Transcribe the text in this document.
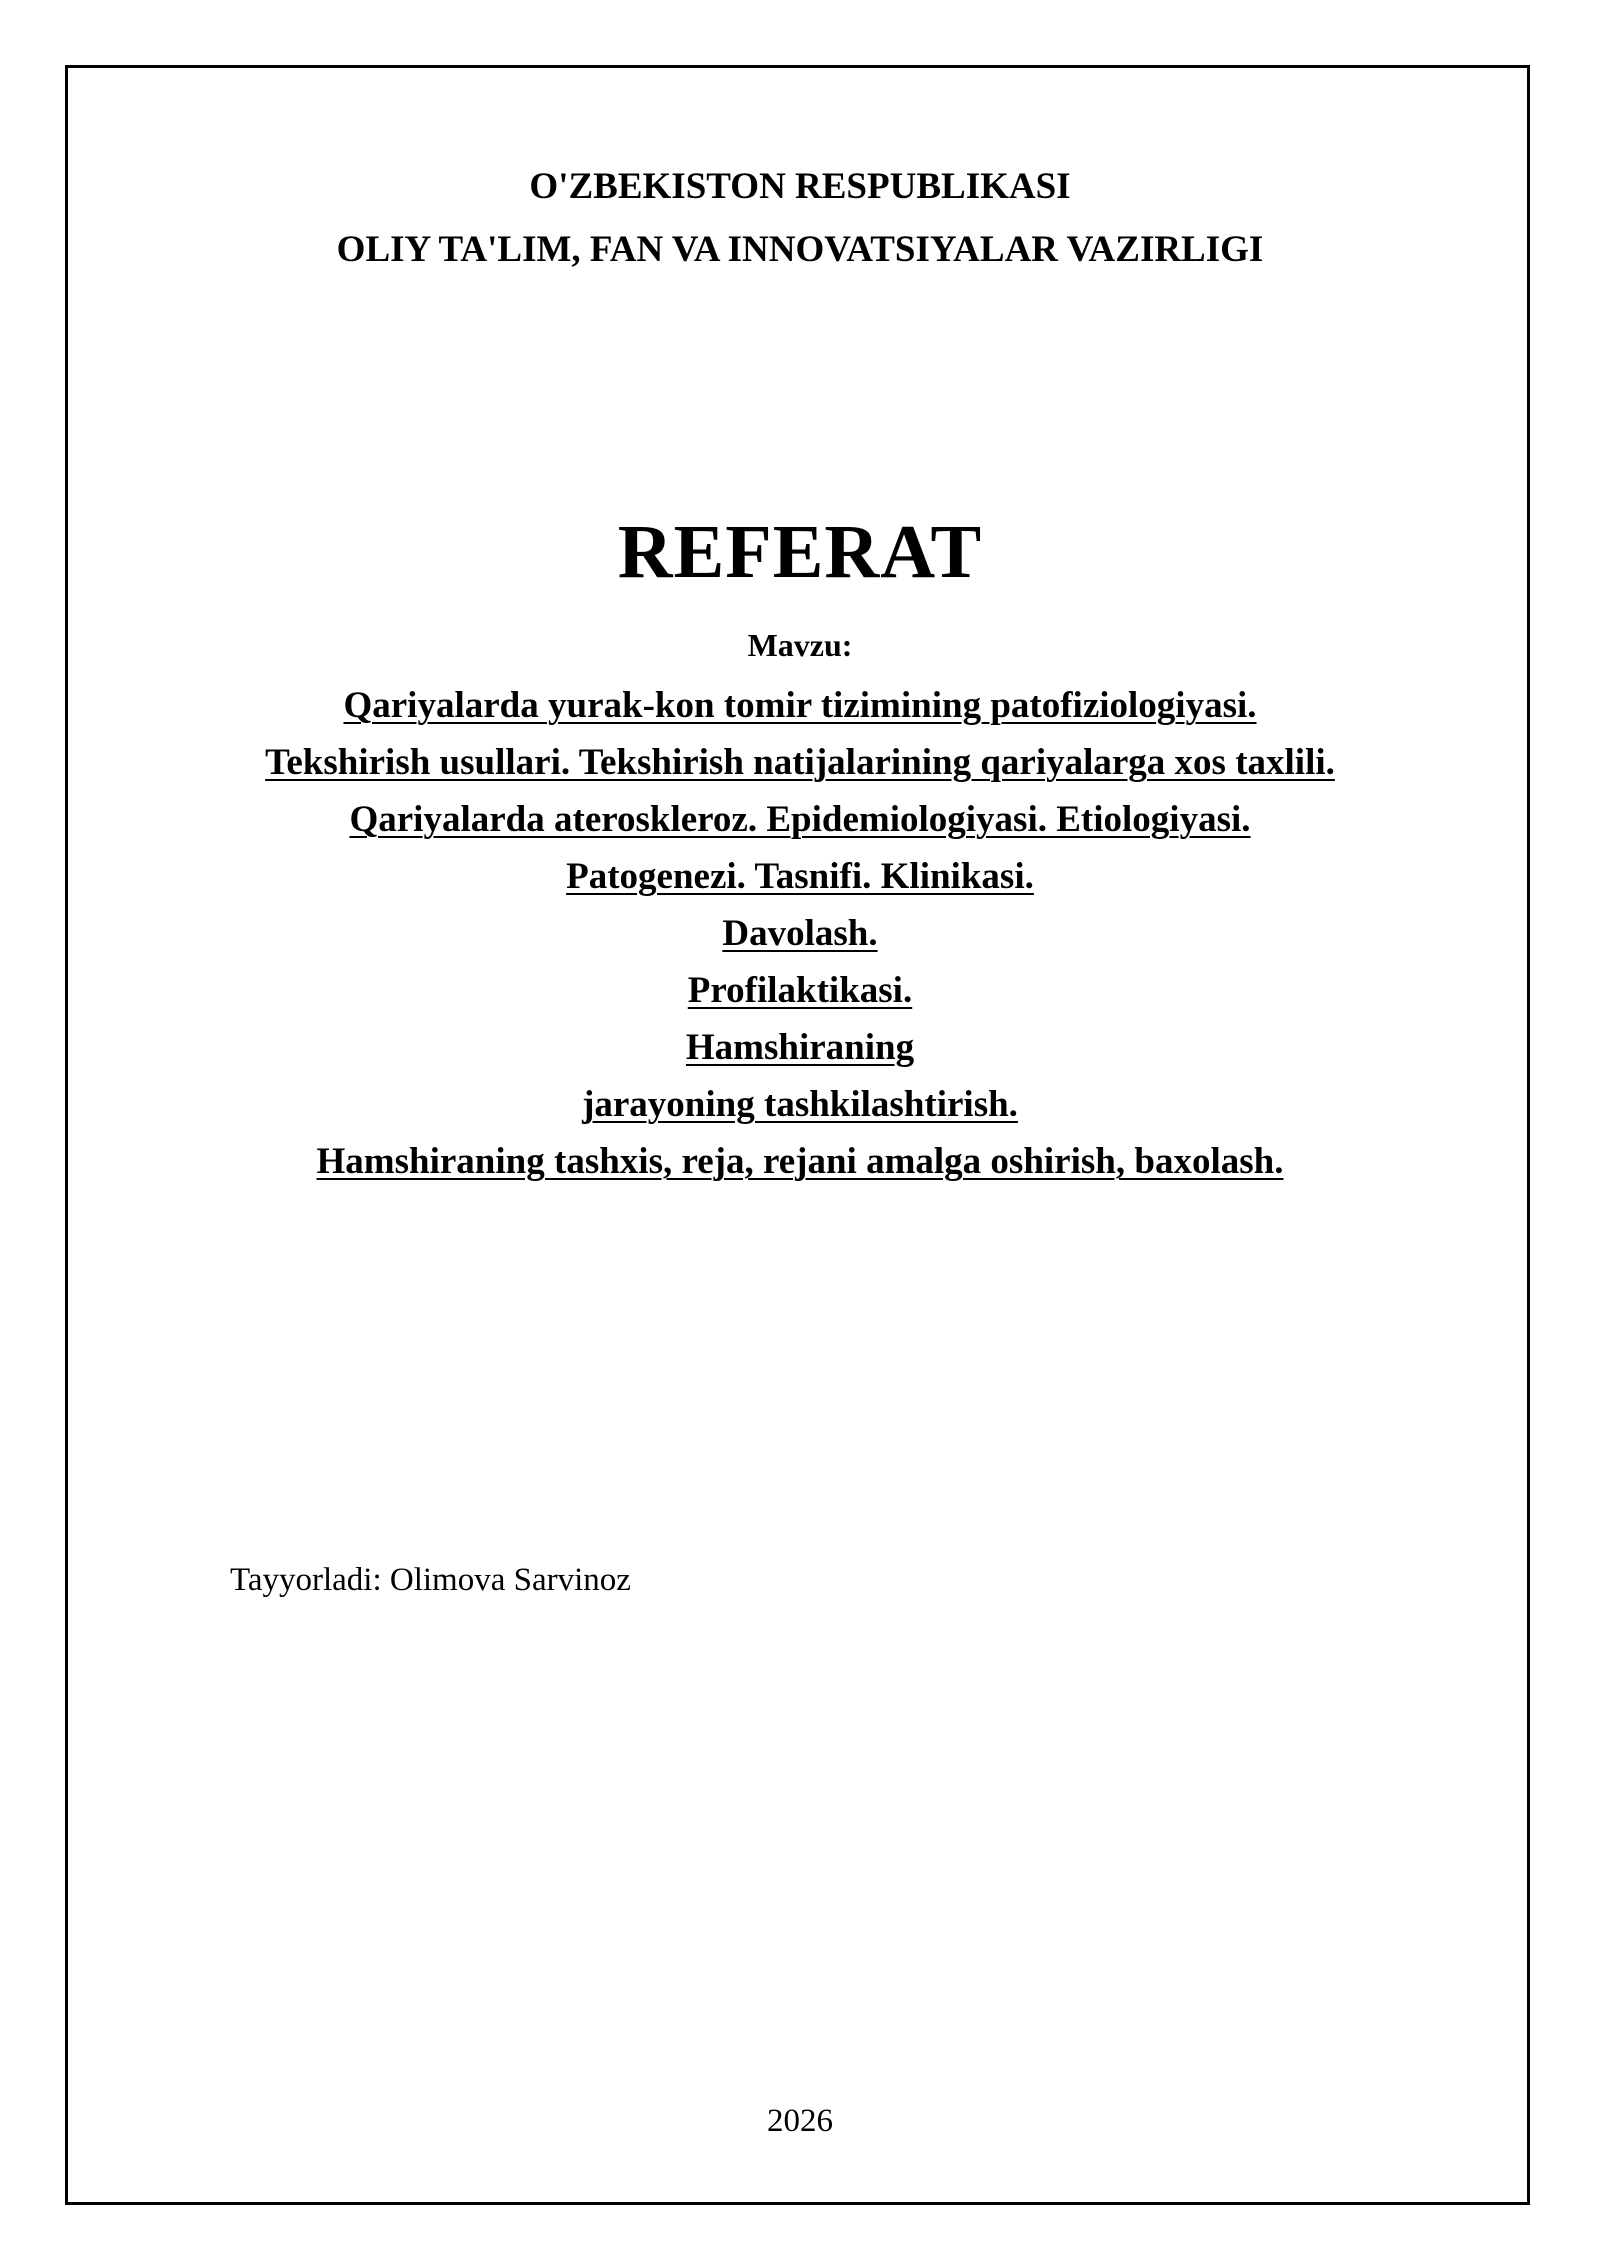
O'ZBEKISTON RESPUBLIKASI
OLIY TA'LIM, FAN VA INNOVATSIYALAR VAZIRLIGI
REFERAT
Mavzu:
Qariyalarda yurak-kon tomir tizimining patofiziologiyasi.
Tekshirish usullari. Tekshirish natijalarining qariyalarga xos taxlili.
Qariyalarda ateroskleroz. Epidemiologiyasi. Etiologiyasi.
Patogenezi. Tasnifi. Klinikasi.
Davolash.
Profilaktikasi.
Hamshiraning
jarayoning tashkilashtirish.
Hamshiraning tashxis, reja, rejani amalga oshirish, baxolash.
Tayyorladi: Olimova Sarvinoz
2026
